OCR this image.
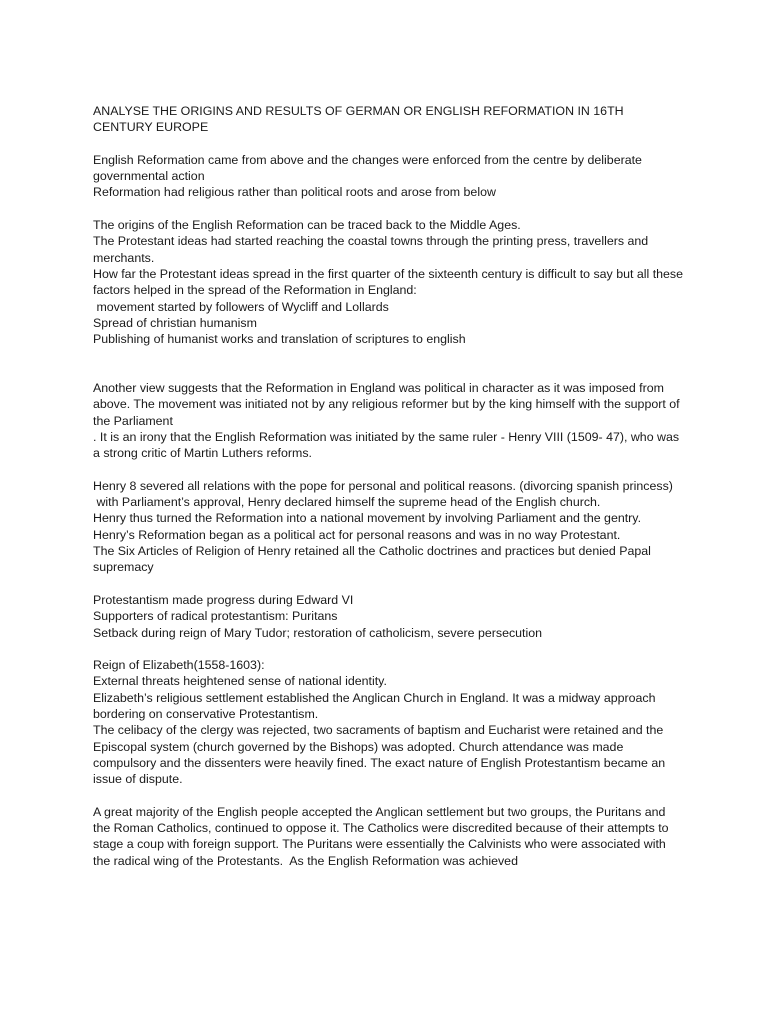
ANALYSE THE ORIGINS AND RESULTS OF GERMAN OR ENGLISH REFORMATION IN 16TH CENTURY EUROPE

English Reformation came from above and the changes were enforced from the centre by deliberate governmental action
Reformation had religious rather than political roots and arose from below

The origins of the English Reformation can be traced back to the Middle Ages.
The Protestant ideas had started reaching the coastal towns through the printing press, travellers and merchants.
How far the Protestant ideas spread in the first quarter of the sixteenth century is difficult to say but all these factors helped in the spread of the Reformation in England:
movement started by followers of Wycliff and Lollards
Spread of christian humanism
Publishing of humanist works and translation of scriptures to english

Another view suggests that the Reformation in England was political in character as it was imposed from above. The movement was initiated not by any religious reformer but by the king himself with the support of the Parliament
. It is an irony that the English Reformation was initiated by the same ruler - Henry VIII (1509- 47), who was a strong critic of Martin Luthers reforms.

Henry 8 severed all relations with the pope for personal and political reasons. (divorcing spanish princess)
with Parliament’s approval, Henry declared himself the supreme head of the English church.
Henry thus turned the Reformation into a national movement by involving Parliament and the gentry.
Henry’s Reformation began as a political act for personal reasons and was in no way Protestant.
The Six Articles of Religion of Henry retained all the Catholic doctrines and practices but denied Papal supremacy

Protestantism made progress during Edward VI
Supporters of radical protestantism: Puritans
Setback during reign of Mary Tudor; restoration of catholicism, severe persecution

Reign of Elizabeth(1558-1603):
External threats heightened sense of national identity.
Elizabeth’s religious settlement established the Anglican Church in England. It was a midway approach bordering on conservative Protestantism.
The celibacy of the clergy was rejected, two sacraments of baptism and Eucharist were retained and the Episcopal system (church governed by the Bishops) was adopted. Church attendance was made compulsory and the dissenters were heavily fined. The exact nature of English Protestantism became an issue of dispute.

A great majority of the English people accepted the Anglican settlement but two groups, the Puritans and the Roman Catholics, continued to oppose it. The Catholics were discredited because of their attempts to stage a coup with foreign support. The Puritans were essentially the Calvinists who were associated with the radical wing of the Protestants.  As the English Reformation was achieved
